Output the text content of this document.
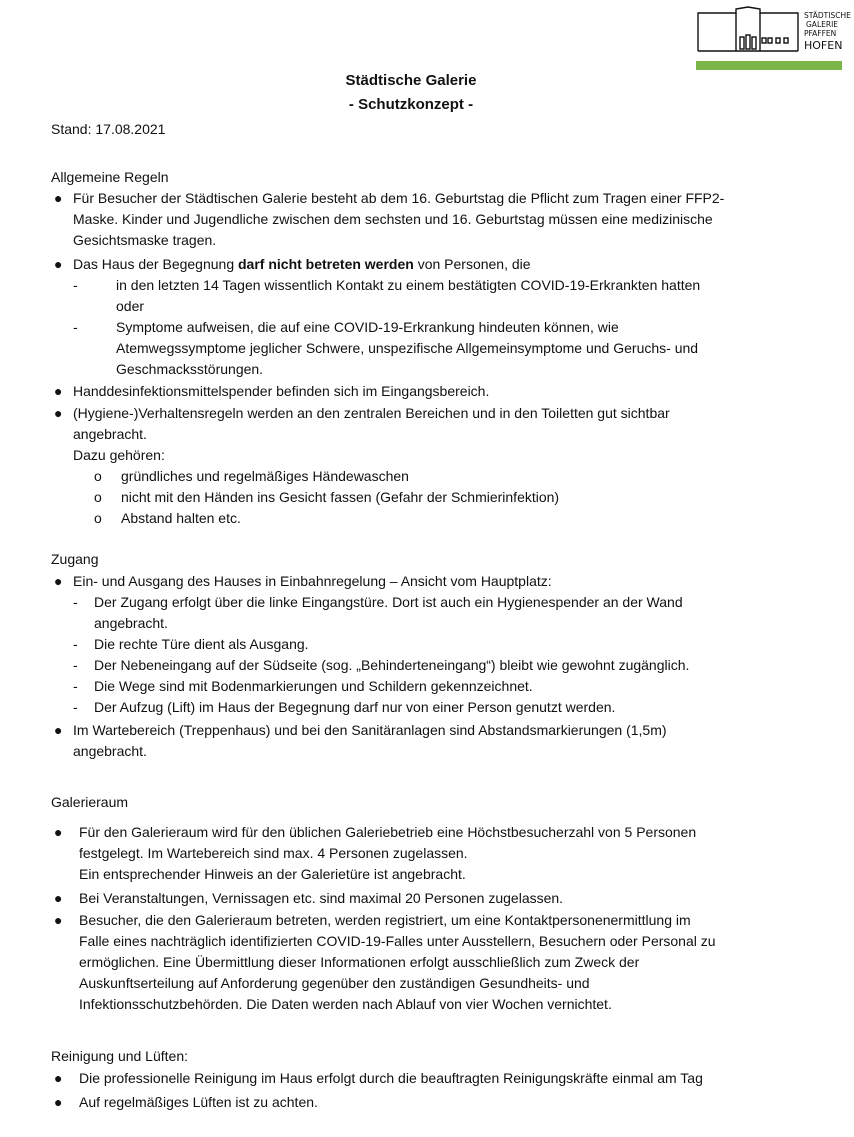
STÄDTISCHE
GALERIE
PFAFFEN
HOFEN
Städtische Galerie
- Schutzkonzept -
Stand: 17.08.2021
Allgemeine Regeln
● Für Besucher der Städtischen Galerie besteht ab dem 16. Geburtstag die Pflicht zum Tragen einer FFP2-
Maske. Kinder und Jugendliche zwischen dem sechsten und 16. Geburtstag müssen eine medizinische
Gesichtsmaske tragen.
● Das Haus der Begegnung darf nicht betreten werden von Personen, die
-	in den letzten 14 Tagen wissentlich Kontakt zu einem bestätigten COVID-19-Erkrankten hatten
oder
-	Symptome aufweisen, die auf eine COVID-19-Erkrankung hindeuten können, wie
Atemwegssymptome jeglicher Schwere, unspezifische Allgemeinsymptome und Geruchs- und
Geschmacksstörungen.
● Handdesinfektionsmittelspender befinden sich im Eingangsbereich.
● (Hygiene-)Verhaltensregeln werden an den zentralen Bereichen und in den Toiletten gut sichtbar
angebracht.
Dazu gehören:
o gründliches und regelmäßiges Händewaschen
o nicht mit den Händen ins Gesicht fassen (Gefahr der Schmierinfektion)
o Abstand halten etc.
Zugang
● Ein- und Ausgang des Hauses in Einbahnregelung – Ansicht vom Hauptplatz:
- Der Zugang erfolgt über die linke Eingangstüre. Dort ist auch ein Hygienespender an der Wand
angebracht.
- Die rechte Türe dient als Ausgang.
- Der Nebeneingang auf der Südseite (sog. „Behinderteneingang“) bleibt wie gewohnt zugänglich.
- Die Wege sind mit Bodenmarkierungen und Schildern gekennzeichnet.
- Der Aufzug (Lift) im Haus der Begegnung darf nur von einer Person genutzt werden.
● Im Wartebereich (Treppenhaus) und bei den Sanitäranlagen sind Abstandsmarkierungen (1,5m)
angebracht.
Galerieraum
● Für den Galerieraum wird für den üblichen Galeriebetrieb eine Höchstbesucherzahl von 5 Personen
festgelegt. Im Wartebereich sind max. 4 Personen zugelassen.
Ein entsprechender Hinweis an der Galerietüre ist angebracht.
● Bei Veranstaltungen, Vernissagen etc. sind maximal 20 Personen zugelassen.
● Besucher, die den Galerieraum betreten, werden registriert, um eine Kontaktpersonenermittlung im
Falle eines nachträglich identifizierten COVID-19-Falles unter Ausstellern, Besuchern oder Personal zu
ermöglichen. Eine Übermittlung dieser Informationen erfolgt ausschließlich zum Zweck der
Auskunftserteilung auf Anforderung gegenüber den zuständigen Gesundheits- und
Infektionsschutzbehörden. Die Daten werden nach Ablauf von vier Wochen vernichtet.
Reinigung und Lüften:
● Die professionelle Reinigung im Haus erfolgt durch die beauftragten Reinigungskräfte einmal am Tag
● Auf regelmäßiges Lüften ist zu achten.
